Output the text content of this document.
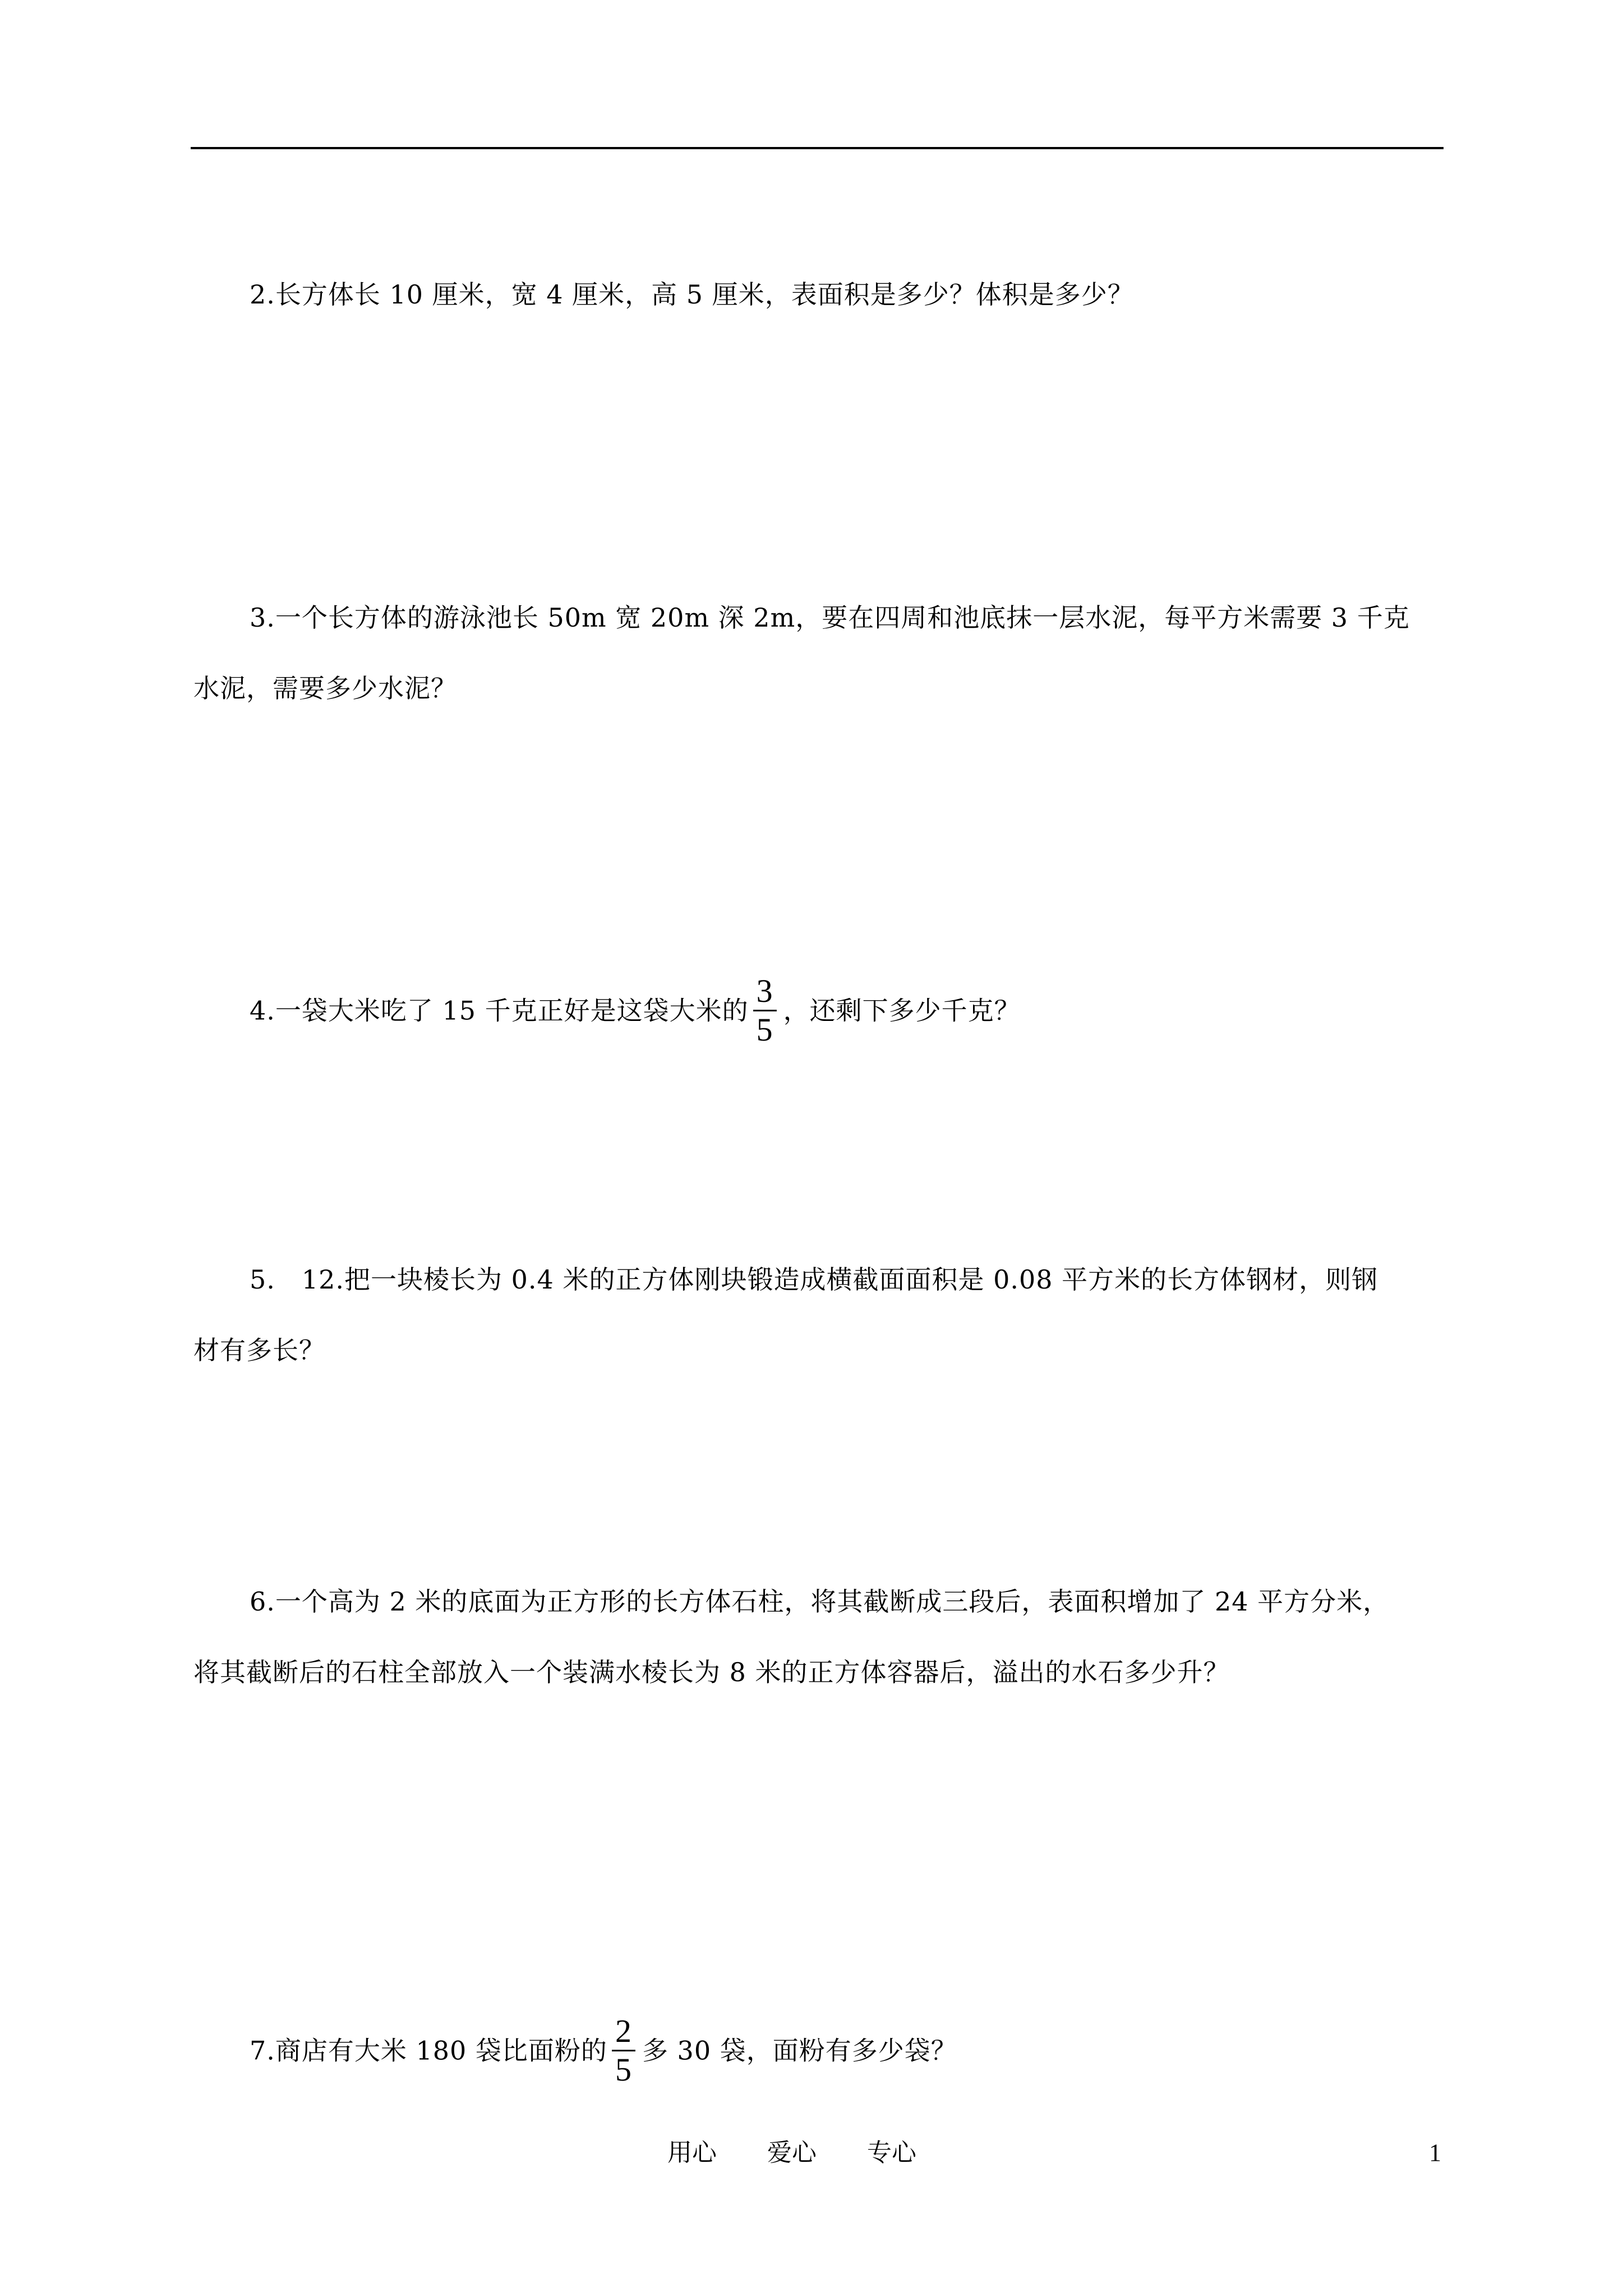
2.长方体长 10 厘米，宽 4 厘米，高 5 厘米，表面积是多少？体积是多少？

3.一个长方体的游泳池长 50m 宽 20m 深 2m，要在四周和池底抹一层水泥，每平方米需要 3 千克
水泥，需要多少水泥？

4.一袋大米吃了 15 千克正好是这袋大米的 $\frac{3}{5}$ ，还剩下多少千克？

5.　12.把一块棱长为 0.4 米的正方体刚块锻造成横截面面积是 0.08 平方米的长方体钢材，则钢
材有多长？

6.一个高为 2 米的底面为正方形的长方体石柱，将其截断成三段后，表面积增加了 24 平方分米，
将其截断后的石柱全部放入一个装满水棱长为 8 米的正方体容器后，溢出的水石多少升？

7.商店有大米 180 袋比面粉的 $\frac{2}{5}$ 多 30 袋，面粉有多少袋？

用心 爱心 专心	1
